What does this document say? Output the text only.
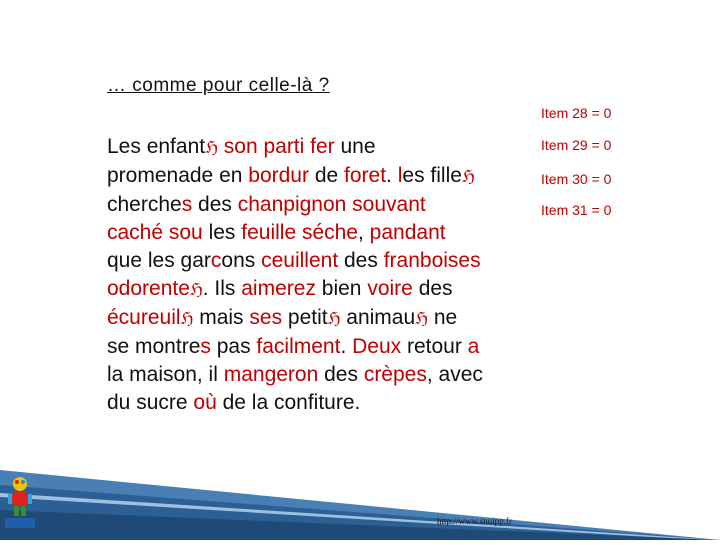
… comme pour celle-là ?
Item 28 = 0
Item 29 = 0
Item 30 = 0
Item 31 = 0
Les enfantℌ son parti fer une
promenade en bordur de foret. les filleℌ
cherches des chanpignon souvant
caché sou les feuille séche, pandant
que les garcons ceuillent des franboises
odorenteℌ. Ils aimerez bien voire des
écureuilℌ mais ses petitℌ animauℌ ne
se montres pas facilment. Deux retour a
la maison, il mangeron des crèpes, avec
du sucre où de la confiture.
http://www.snuipp.fr
